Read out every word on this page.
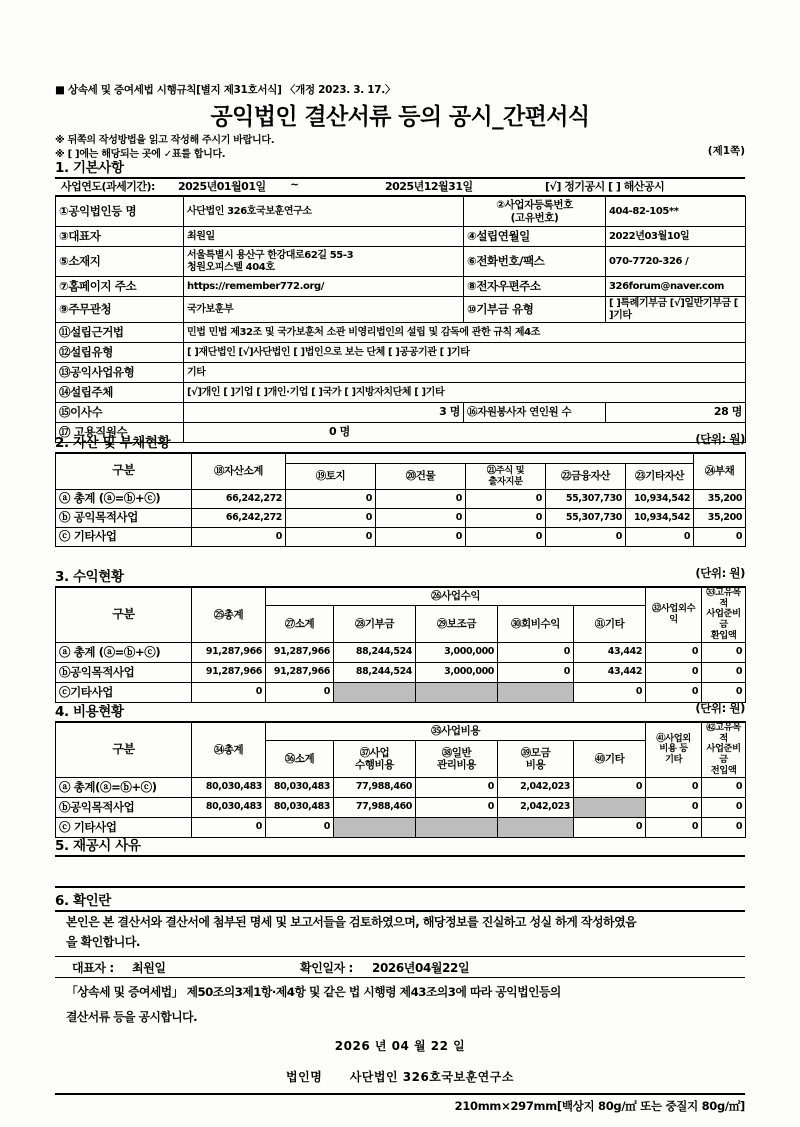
■ 상속세 및 증여세법 시행규칙[별지 제31호서식] 〈개정 2023. 3. 17.〉
공익법인 결산서류 등의 공시_간편서식
※ 뒤쪽의 작성방법을 읽고 작성해 주시기 바랍니다.
※ [ ]에는 해당되는 곳에 ✓표를 합니다.	(제1쪽)
1. 기본사항
사업연도(과세기간): 2025년01월01일 ~	2025년12월31일	[√] 정기공시 [ ] 해산공시
①공익법인등 명	사단법인 326호국보훈연구소	②사업자등록번호
(고유번호)	404-82-105**
③대표자	최원일	④설립연월일	2022년03월10일
⑤소재지	서울특별시 용산구 한강대로62길 55-3
청원오피스텔 404호	⑥전화번호/팩스	070-7720-326 /
⑦홈페이지 주소	https://remember772.org/	⑧전자우편주소	326forum@naver.com
⑨주무관청	국가보훈부	⑩기부금 유형	[ ]특례기부금 [√]일반기부금 [ ]기타
⑪설립근거법	민법 민법 제32조 및 국가보훈처 소관 비영리법인의 설립 및 감독에 관한 규칙 제4조		
⑫설립유형	[ ]재단법인 [√]사단법인 [ ]법인으로 보는 단체 [ ]공공기관 [ ]기타		
⑬공익사업유형	기타		
⑭설립주체	[√]개인 [ ]기업 [ ]개인·기업 [ ]국가 [ ]지방자치단체 [ ]기타		
⑮이사수	3 명	⑯자원봉사자 연인원 수	28 명
⑰ 고용직원수	0 명		
2. 자산 및 부채현황	(단위: 원)
구분	⑱자산소계						㉔부채
		⑲토지	⑳건물	㉑주식 및
출자지분	㉒금융자산	㉓기타자산	
ⓐ 총계 (ⓐ=ⓑ+ⓒ)	66,242,272	0	0	0	55,307,730	10,934,542	35,200
ⓑ 공익목적사업	66,242,272	0	0	0	55,307,730	10,934,542	35,200
ⓒ 기타사업	0	0	0	0	0	0	0
3. 수익현황	(단위: 원)
구분	㉕총계	㉖사업수익					㉜사업외수익	㉝고유목적
사업준비금
환입액
		㉗소계	㉘기부금	㉙보조금	㉚회비수익	㉛기타		
ⓐ 총계 (ⓐ=ⓑ+ⓒ)	91,287,966	91,287,966	88,244,524	3,000,000	0	43,442	0	0
ⓑ공익목적사업	91,287,966	91,287,966	88,244,524	3,000,000	0	43,442	0	0
ⓒ기타사업	0	0				0	0	0
4. 비용현황	(단위: 원)
구분	㉞총계	㉟사업비용					㊶사업외
비용 등
기타	㊷고유목적
사업준비금
전입액
		㊱소계	㊲사업
수행비용	㊳일반
관리비용	㊴모금
비용	㊵기타		
ⓐ 총계(ⓐ=ⓑ+ⓒ)	80,030,483	80,030,483	77,988,460	0	2,042,023	0	0	0
ⓑ공익목적사업	80,030,483	80,030,483	77,988,460	0	2,042,023		0	0
ⓒ 기타사업	0	0				0	0	0
5. 재공시 사유
6. 확인란
본인은 본 결산서와 결산서에 첨부된 명세 및 보고서들을 검토하였으며, 해당정보를 진실하고 성실 하게 작성하였음
을 확인합니다.
대표자 : 최원일	확인일자 : 2026년04월22일
「상속세 및 증여세법」 제50조의3제1항·제4항 및 같은 법 시행령 제43조의3에 따라 공익법인등의
결산서류 등을 공시합니다.
2026 년 04 월 22 일
법인명 사단법인 326호국보훈연구소
210mm×297mm[백상지 80g/㎡ 또는 중질지 80g/㎡]
